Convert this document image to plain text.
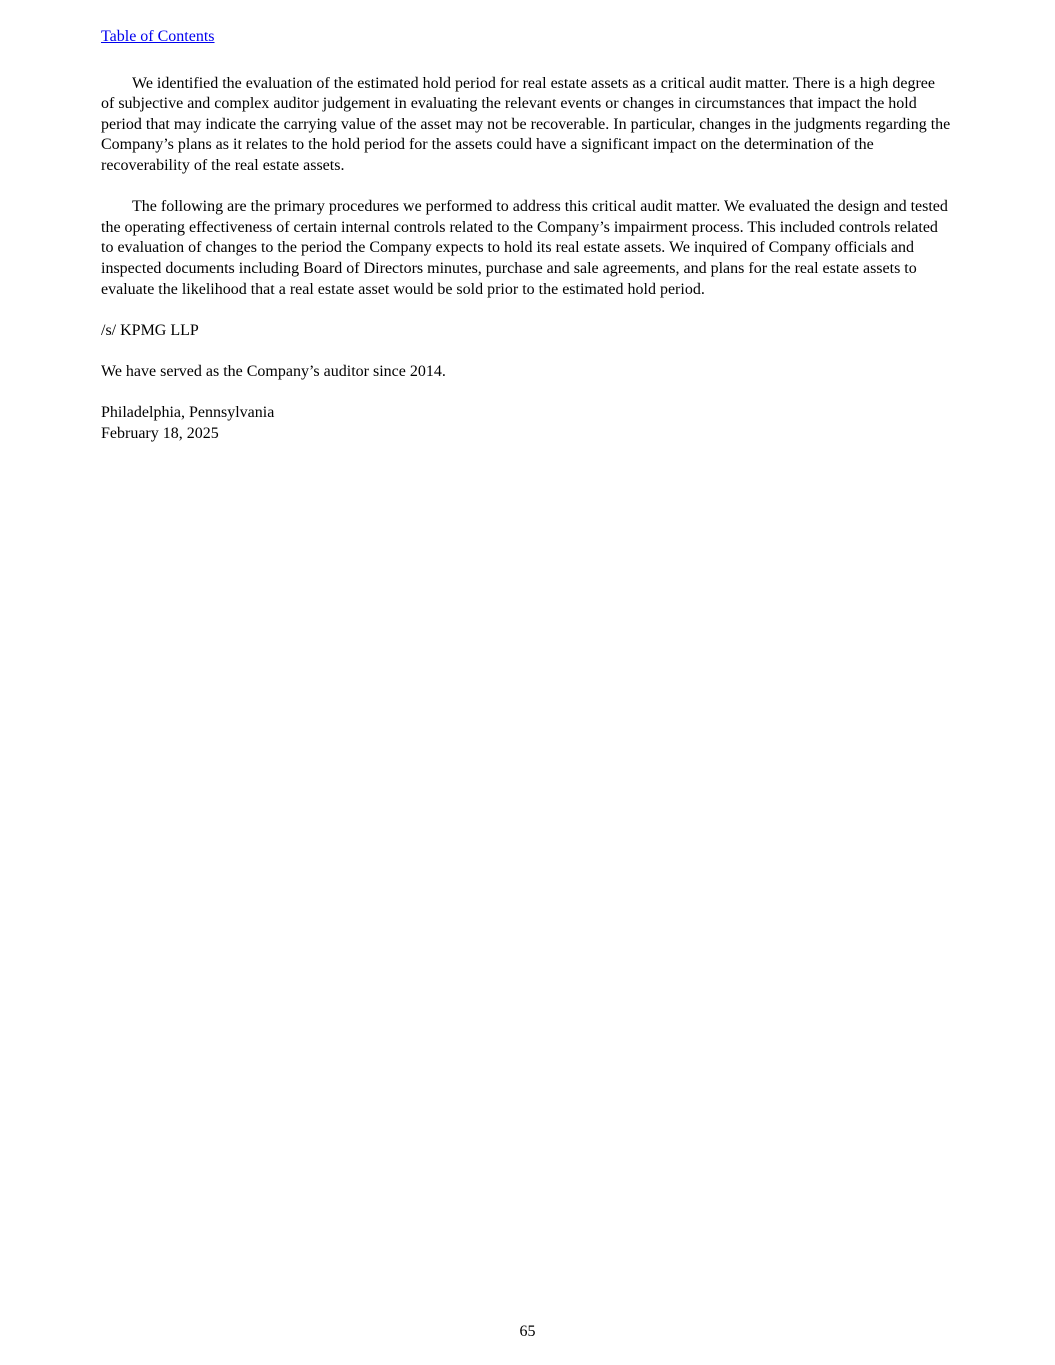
Table of Contents

We identified the evaluation of the estimated hold period for real estate assets as a critical audit matter. There is a high degree of subjective and complex auditor judgement in evaluating the relevant events or changes in circumstances that impact the hold period that may indicate the carrying value of the asset may not be recoverable. In particular, changes in the judgments regarding the Company’s plans as it relates to the hold period for the assets could have a significant impact on the determination of the recoverability of the real estate assets.

The following are the primary procedures we performed to address this critical audit matter. We evaluated the design and tested the operating effectiveness of certain internal controls related to the Company’s impairment process. This included controls related to evaluation of changes to the period the Company expects to hold its real estate assets. We inquired of Company officials and inspected documents including Board of Directors minutes, purchase and sale agreements, and plans for the real estate assets to evaluate the likelihood that a real estate asset would be sold prior to the estimated hold period.

/s/ KPMG LLP

We have served as the Company’s auditor since 2014.

Philadelphia, Pennsylvania

February 18, 2025

65
